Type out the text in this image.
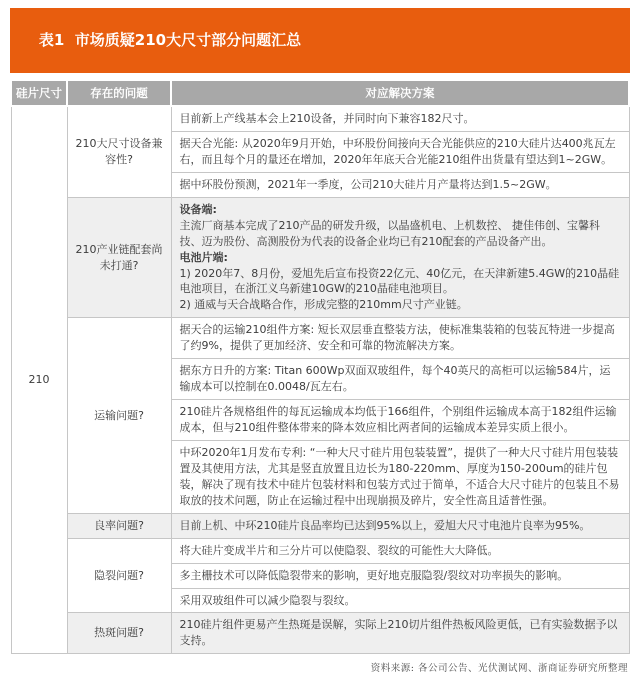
表1  市场质疑210大尺寸部分问题汇总

硅片尺寸	存在的问题	对应解决方案
210	210大尺寸设备兼容性?	目前新上产线基本会上210设备，并同时向下兼容182尺寸。

		据天合光能: 从2020年9月开始，中环股份间接向天合光能供应的210大硅片达400兆瓦左右，而且每个月的量还在增加，2020年年底天合光能210组件出货量有望达到1~2GW。

		据中环股份预测，2021年一季度，公司210大硅片月产量将达到1.5~2GW。

	210产业链配套尚未打通?	设备端:
主流厂商基本完成了210产品的研发升级，以晶盛机电、上机数控、 捷佳伟创、宝馨科技、迈为股份、高测股份为代表的设备企业均已有210配套的产品设备产出。
电池片端:
1) 2020年7、8月份，爱旭先后宣布投资22亿元、40亿元，在天津新建5.4GW的210晶硅电池项目，在浙江义乌新建10GW的210晶硅电池项目。
2) 通威与天合战略合作，形成完整的210mm尺寸产业链。

	运输问题?	据天合的运输210组件方案: 短长双层垂直整装方法，使标准集装箱的包装瓦特进一步提高了约9%，提供了更加经济、安全和可靠的物流解决方案。

		据东方日升的方案: Titan 600Wp双面双玻组件，每个40英尺的高柜可以运输584片，运输成本可以控制在0.0048/瓦左右。

		210硅片各规格组件的每瓦运输成本均低于166组件，个别组件运输成本高于182组件运输成本，但与210组件整体带来的降本效应相比两者间的运输成本差异实质上很小。

		中环2020年1月发布专利: “一种大尺寸硅片用包装装置”，提供了一种大尺寸硅片用包装装置及其使用方法，尤其是竖直放置且边长为180-220mm、厚度为150-200um的硅片包装，解决了现有技术中硅片包装材料和包装方式过于简单，不适合大尺寸硅片的包装且不易取放的技术问题，防止在运输过程中出现崩损及碎片，安全性高且适普性强。

	良率问题?	目前上机、中环210硅片良品率均已达到95%以上，爱旭大尺寸电池片良率为95%。

	隐裂问题?	将大硅片变成半片和三分片可以使隐裂、裂纹的可能性大大降低。

		多主栅技术可以降低隐裂带来的影响，更好地克服隐裂/裂纹对功率损失的影响。

		采用双玻组件可以减少隐裂与裂纹。

	热斑问题?	210硅片组件更易产生热斑是误解，实际上210切片组件热板风险更低，已有实验数据予以支持。
资料来源: 各公司公告、光伏测试网、浙商证券研究所整理
